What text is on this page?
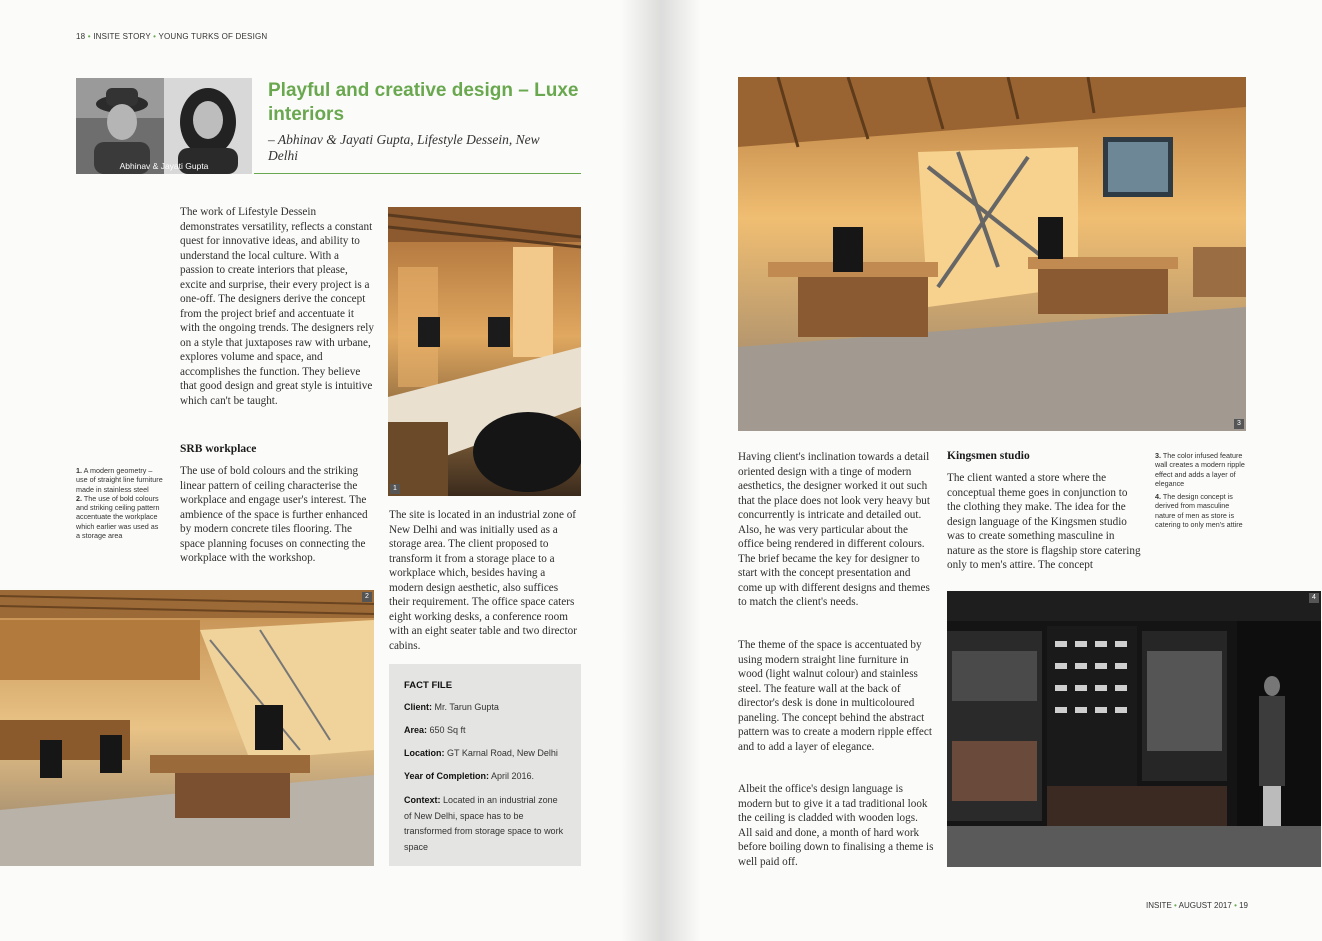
18 • INSITE STORY • YOUNG TURKS OF DESIGN
Abhinav & Jayati Gupta
Playful and creative design – Luxe interiors
– Abhinav & Jayati Gupta, Lifestyle Dessein, New Delhi
The work of Lifestyle Dessein demonstrates versatility, reflects a constant quest for innovative ideas, and ability to understand the local culture. With a passion to create interiors that please, excite and surprise, their every project is a one-off. The designers derive the concept from the project brief and accentuate it with the ongoing trends. The designers rely on a style that juxtaposes raw with urbane, explores volume and space, and accomplishes the function. They believe that good design and great style is intuitive which can't be taught.
SRB workplace
The use of bold colours and the striking linear pattern of ceiling characterise the workplace and engage user's interest. The ambience of the space is further enhanced by modern concrete tiles flooring. The space planning focuses on connecting the workplace with the workshop.

1. A modern geometry – use of straight line furniture made in stainless steel

2. The use of bold colours and striking ceiling pattern accentuate the workplace which earlier was used as a storage area

1
The site is located in an industrial zone of New Delhi and was initially used as a storage area. The client proposed to transform it from a storage place to a workplace which, besides having a modern design aesthetic, also suffices their requirement. The office space caters eight working desks, a conference room with an eight seater table and two director cabins.
2
FACT FILE
Client: Mr. Tarun Gupta
Area: 650 Sq ft
Location: GT Karnal Road, New Delhi
Year of Completion: April 2016.
Context: Located in an industrial zone of New Delhi, space has to be transformed from storage space to work space
3
Having client's inclination towards a detail oriented design with a tinge of modern aesthetics, the designer worked it out such that the place does not look very heavy but concurrently is intricate and detailed out. Also, he was very particular about the office being rendered in different colours. The brief became the key for designer to start with the concept presentation and come up with different designs and themes to match the client's needs.
The theme of the space is accentuated by using modern straight line furniture in wood (light walnut colour) and stainless steel. The feature wall at the back of director's desk is done in multicoloured paneling. The concept behind the abstract pattern was to create a modern ripple effect and to add a layer of elegance.
Albeit the office's design language is modern but to give it a tad traditional look the ceiling is cladded with wooden logs. All said and done, a month of hard work before boiling down to finalising a theme is well paid off.
Kingsmen studio
The client wanted a store where the conceptual theme goes in conjunction to the clothing they make. The idea for the design language of the Kingsmen studio was to create something masculine in nature as the store is flagship store catering only to men's attire. The concept

3. The color infused feature wall creates a modern ripple effect and adds a layer of elegance

4. The design concept is derived from masculine nature of men as store is catering to only men's attire

4
INSITE • AUGUST 2017 • 19
